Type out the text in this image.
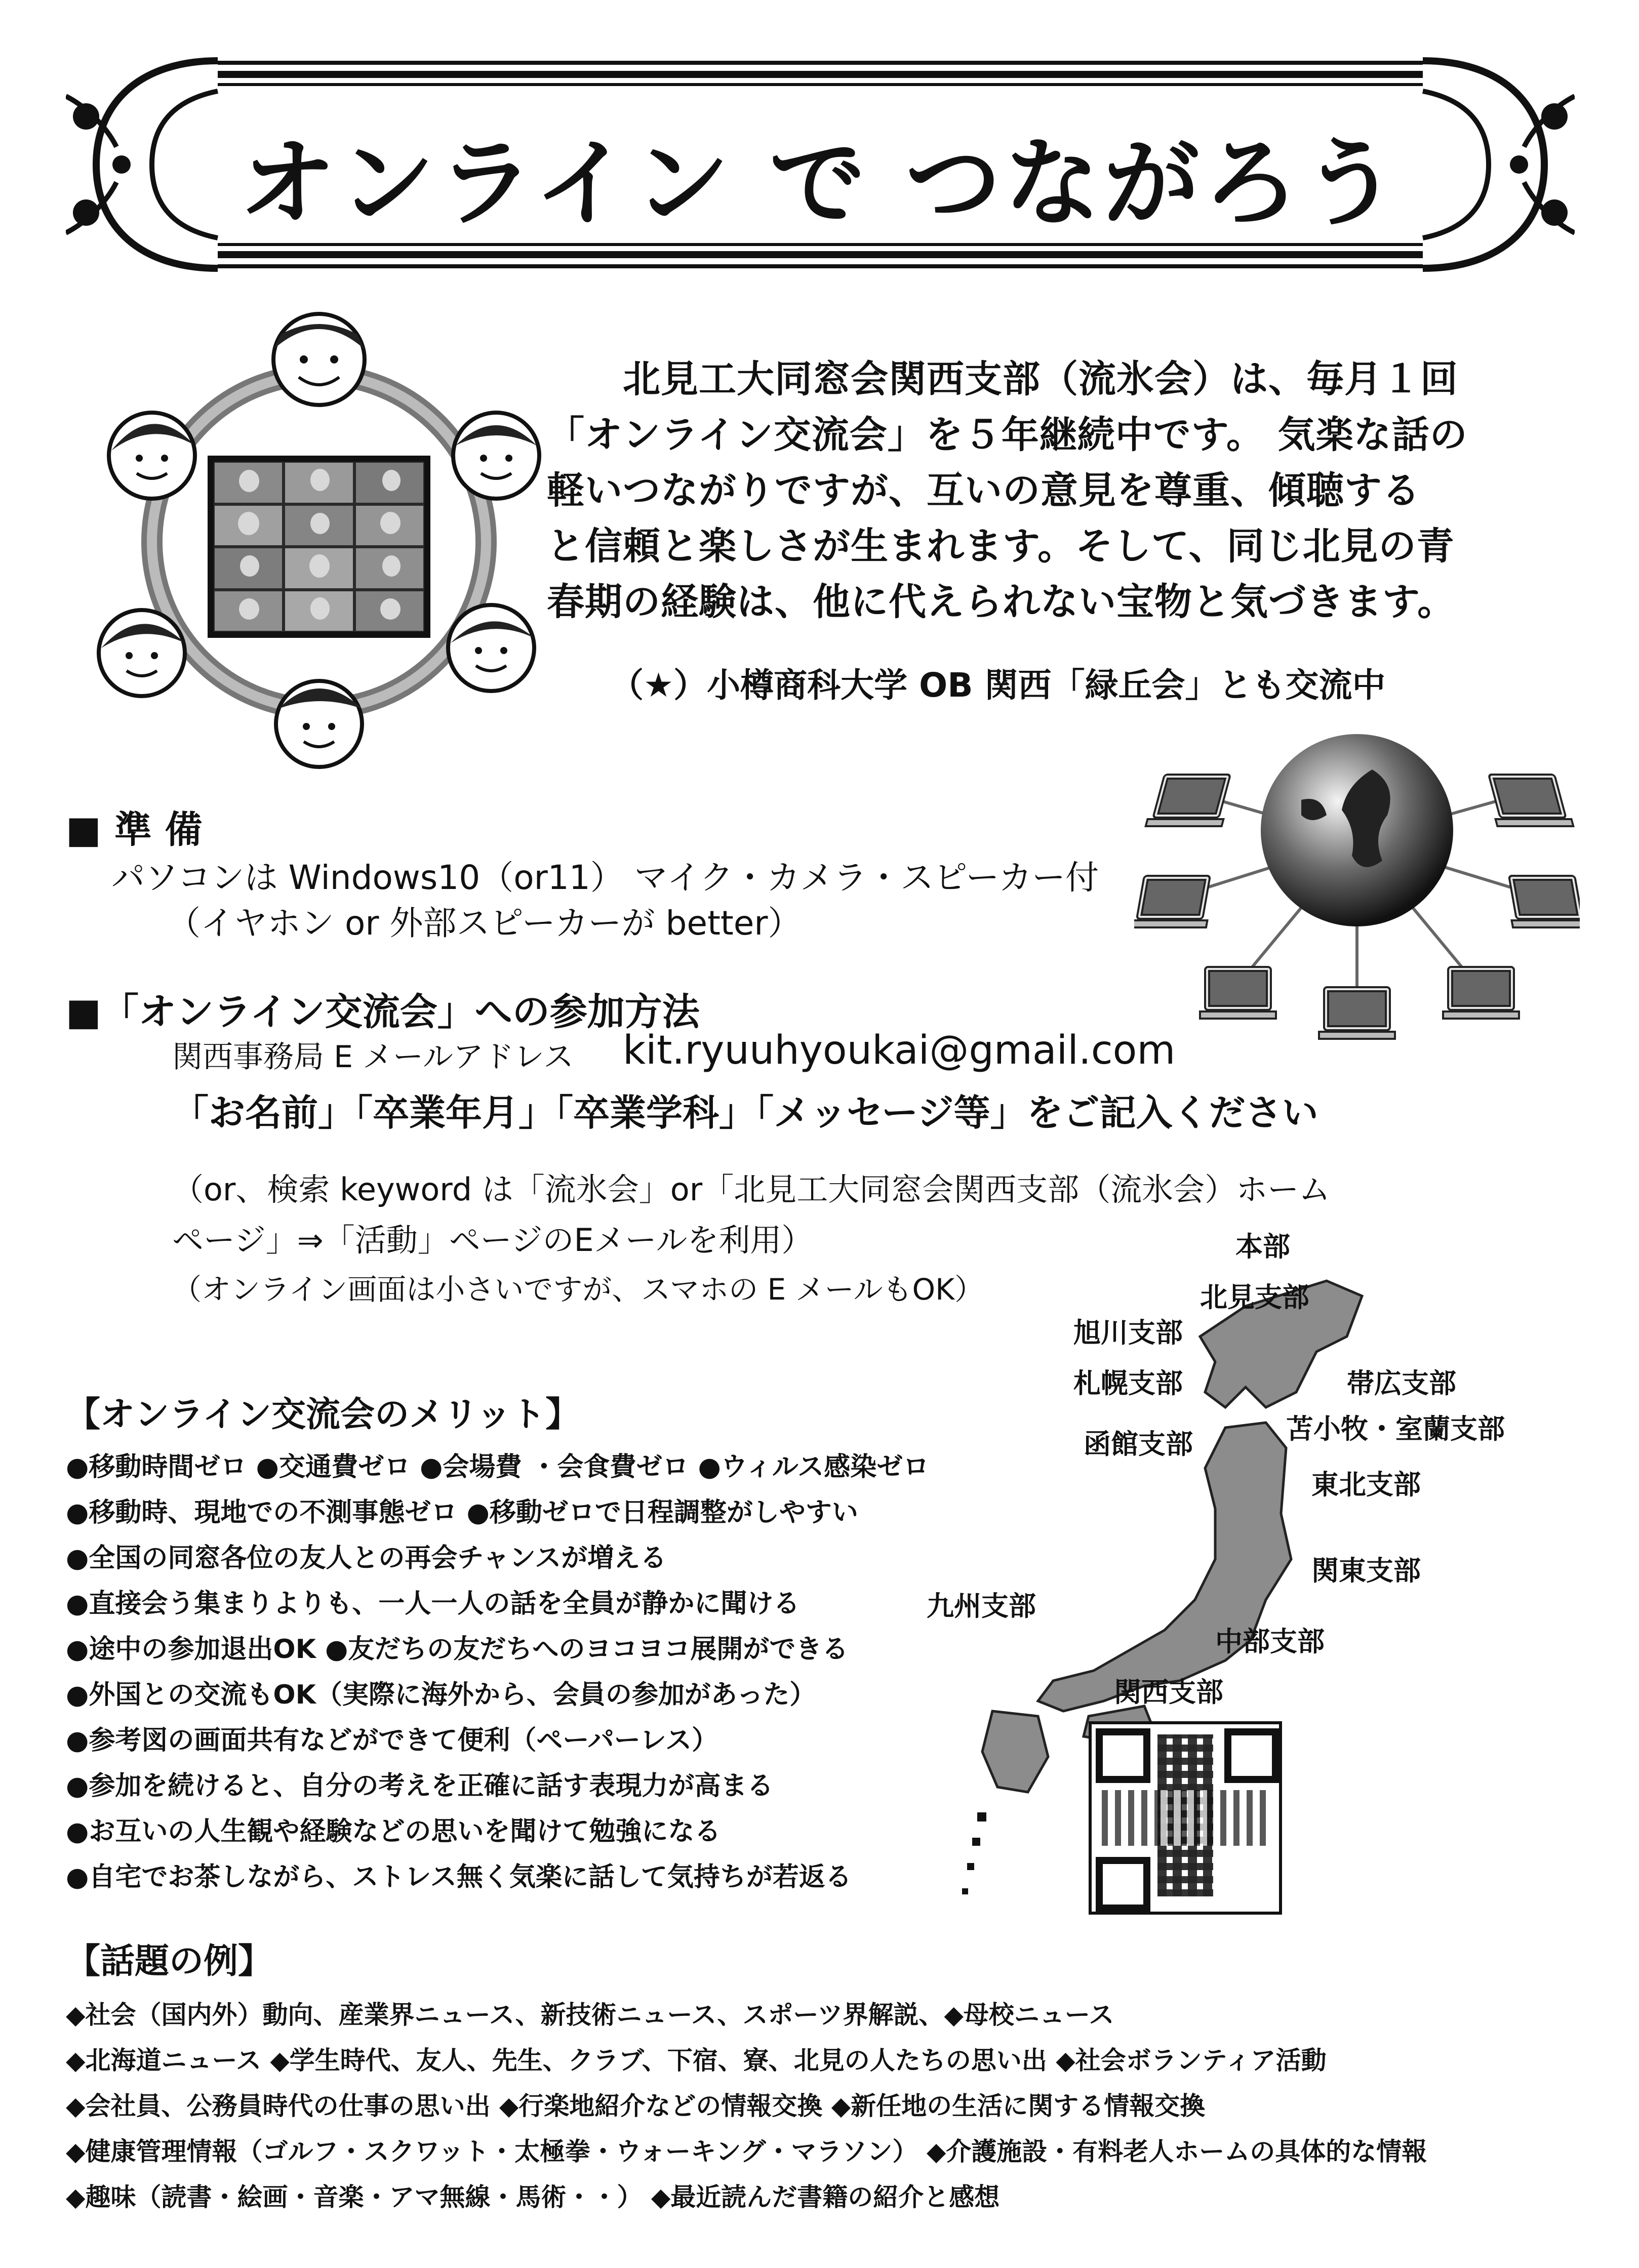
オンライン で つながろう
北見工大同窓会関西支部（流氷会）は、毎月１回
「オンライン交流会」を５年継続中です。 気楽な話の
軽いつながりですが、互いの意見を尊重、傾聴する
と信頼と楽しさが生まれます。そして、同じ北見の青
春期の経験は、他に代えられない宝物と気づきます。
（★）小樽商科大学 OB 関西「緑丘会」とも交流中
■ 準 備
パソコンは Windows10（or11） マイク・カメラ・スピーカー付
（イヤホン or 外部スピーカーが better）
■「オンライン交流会」への参加方法
関西事務局 E メールアドレス kit.ryuuhyoukai@gmail.com
「お名前」「卒業年月」「卒業学科」「メッセージ等」をご記入ください
（or、検索 keyword は「流氷会」or「北見工大同窓会関西支部（流氷会）ホーム
ページ」⇒「活動」ページのEメールを利用）
（オンライン画面は小さいですが、スマホの E メールもOK）
本部
北見支部
旭川支部
札幌支部	帯広支部
函館支部	苫小牧・室蘭支部
東北支部
関東支部
九州支部
中部支部
関西支部
【オンライン交流会のメリット】
●移動時間ゼロ ●交通費ゼロ ●会場費 ・会食費ゼロ ●ウィルス感染ゼロ
●移動時、現地での不測事態ゼロ ●移動ゼロで日程調整がしやすい
●全国の同窓各位の友人との再会チャンスが増える
●直接会う集まりよりも、一人一人の話を全員が静かに聞ける
●途中の参加退出OK ●友だちの友だちへのヨコヨコ展開ができる
●外国との交流もOK（実際に海外から、会員の参加があった）
●参考図の画面共有などができて便利（ペーパーレス）
●参加を続けると、自分の考えを正確に話す表現力が高まる
●お互いの人生観や経験などの思いを聞けて勉強になる
●自宅でお茶しながら、ストレス無く気楽に話して気持ちが若返る
【話題の例】
◆社会（国内外）動向、産業界ニュース、新技術ニュース、スポーツ界解説、◆母校ニュース
◆北海道ニュース ◆学生時代、友人、先生、クラブ、下宿、寮、北見の人たちの思い出 ◆社会ボランティア活動
◆会社員、公務員時代の仕事の思い出 ◆行楽地紹介などの情報交換 ◆新任地の生活に関する情報交換
◆健康管理情報（ゴルフ・スクワット・太極拳・ウォーキング・マラソン） ◆介護施設・有料老人ホームの具体的な情報
◆趣味（読書・絵画・音楽・アマ無線・馬術・・） ◆最近読んだ書籍の紹介と感想
